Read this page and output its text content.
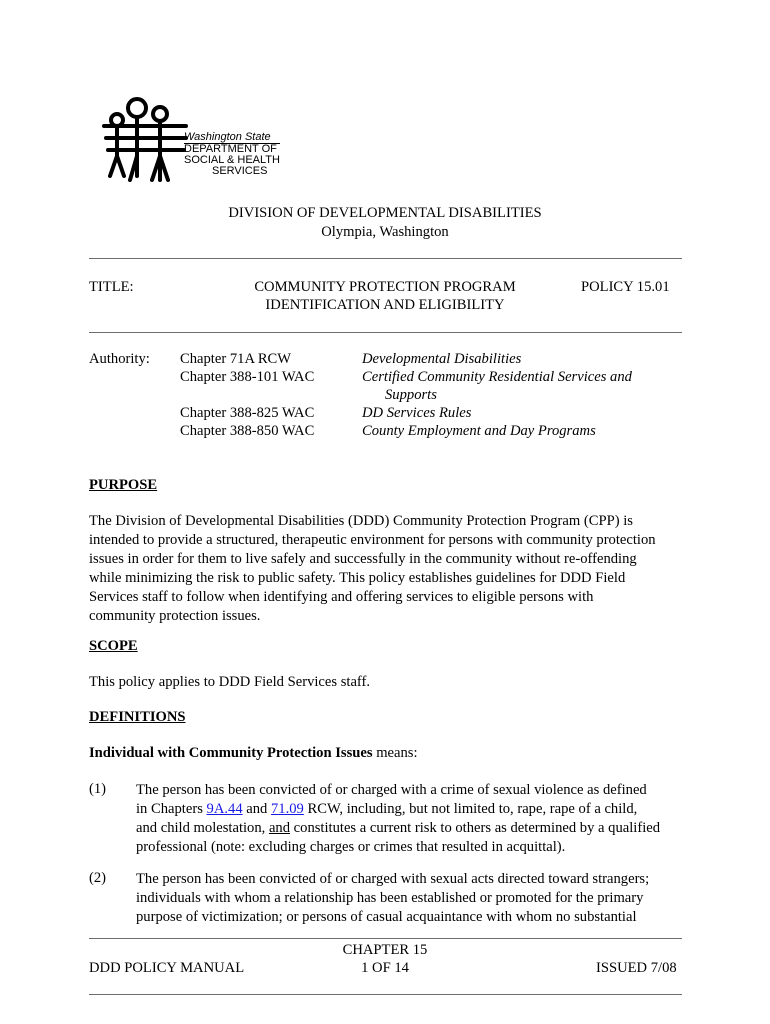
Washington State
DEPARTMENT OF
SOCIAL & HEALTH
SERVICES
DIVISION OF DEVELOPMENTAL DISABILITIES
Olympia, Washington
TITLE:	COMMUNITY PROTECTION PROGRAM
IDENTIFICATION AND ELIGIBILITY
POLICY 15.01
Authority: Chapter 71A RCW	Developmental Disabilities
Chapter 388-101 WAC	Certified Community Residential Services and
Supports
Chapter 388-825 WAC	DD Services Rules
Chapter 388-850 WAC	County Employment and Day Programs
PURPOSE
The Division of Developmental Disabilities (DDD) Community Protection Program (CPP) is
intended to provide a structured, therapeutic environment for persons with community protection
issues in order for them to live safely and successfully in the community without re-offending
while minimizing the risk to public safety. This policy establishes guidelines for DDD Field
Services staff to follow when identifying and offering services to eligible persons with
community protection issues.
SCOPE
This policy applies to DDD Field Services staff.
DEFINITIONS
Individual with Community Protection Issues means:
(1) The person has been convicted of or charged with a crime of sexual violence as defined
in Chapters 9A.44 and 71.09 RCW, including, but not limited to, rape, rape of a child,
and child molestation, and constitutes a current risk to others as determined by a qualified
professional (note: excluding charges or crimes that resulted in acquittal).
(2) The person has been convicted of or charged with sexual acts directed toward strangers;
individuals with whom a relationship has been established or promoted for the primary
purpose of victimization; or persons of casual acquaintance with whom no substantial
DDD POLICY MANUAL
CHAPTER 15
1 OF 14	ISSUED 7/08
